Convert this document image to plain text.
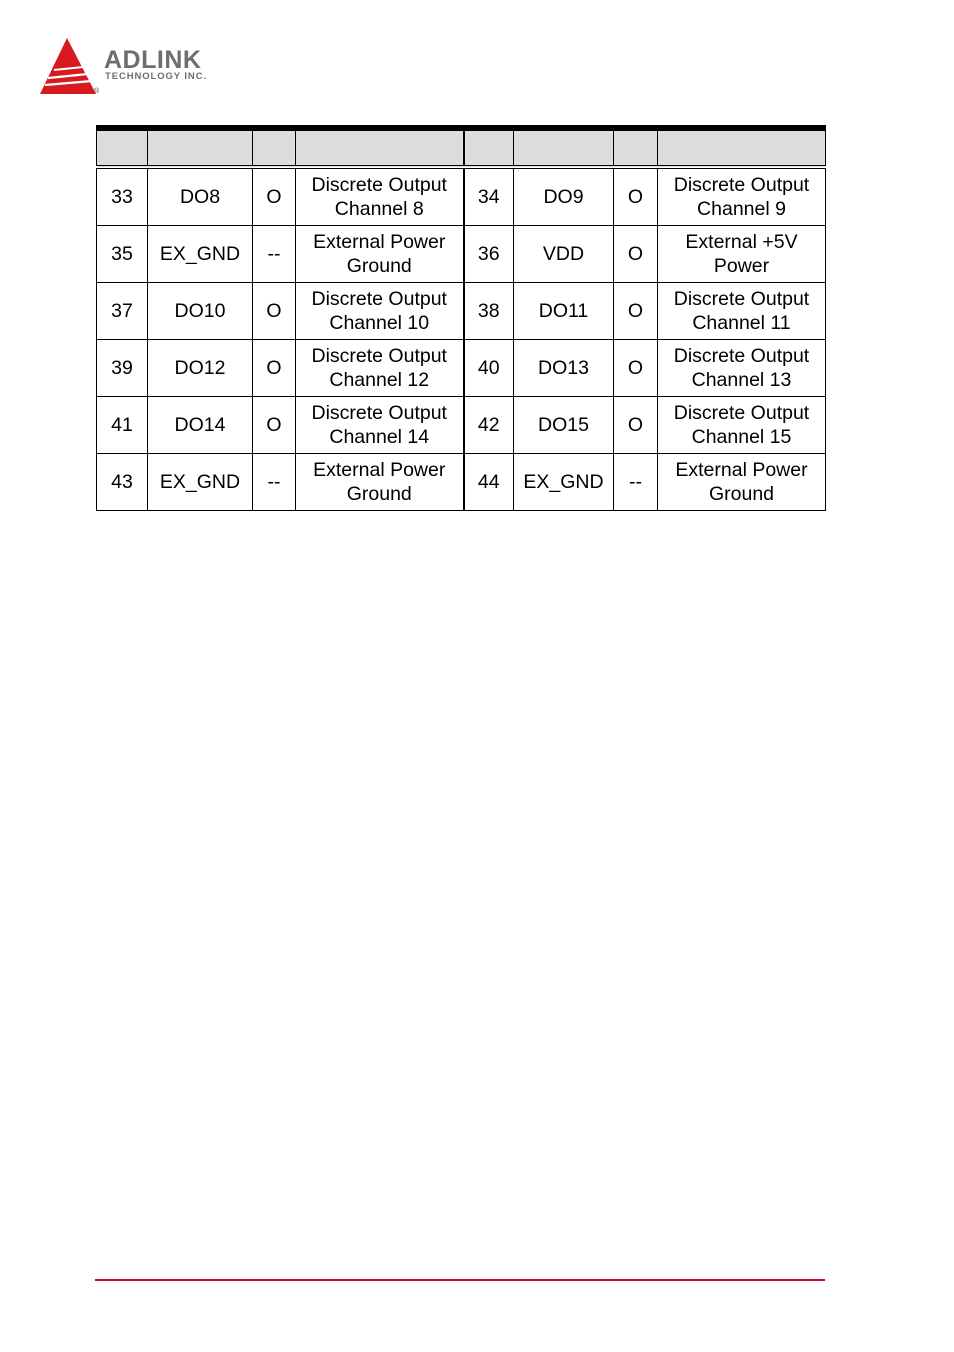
ADLINK
TECHNOLOGY INC.
®

33	DO8	O	Discrete Output Channel 8	34	DO9	O	Discrete Output Channel 9
35	EX_GND	--	External Power Ground	36	VDD	O	External +5V Power
37	DO10	O	Discrete Output Channel 10	38	DO11	O	Discrete Output Channel 11
39	DO12	O	Discrete Output Channel 12	40	DO13	O	Discrete Output Channel 13
41	DO14	O	Discrete Output Channel 14	42	DO15	O	Discrete Output Channel 15
43	EX_GND	--	External Power Ground	44	EX_GND	--	External Power Ground
